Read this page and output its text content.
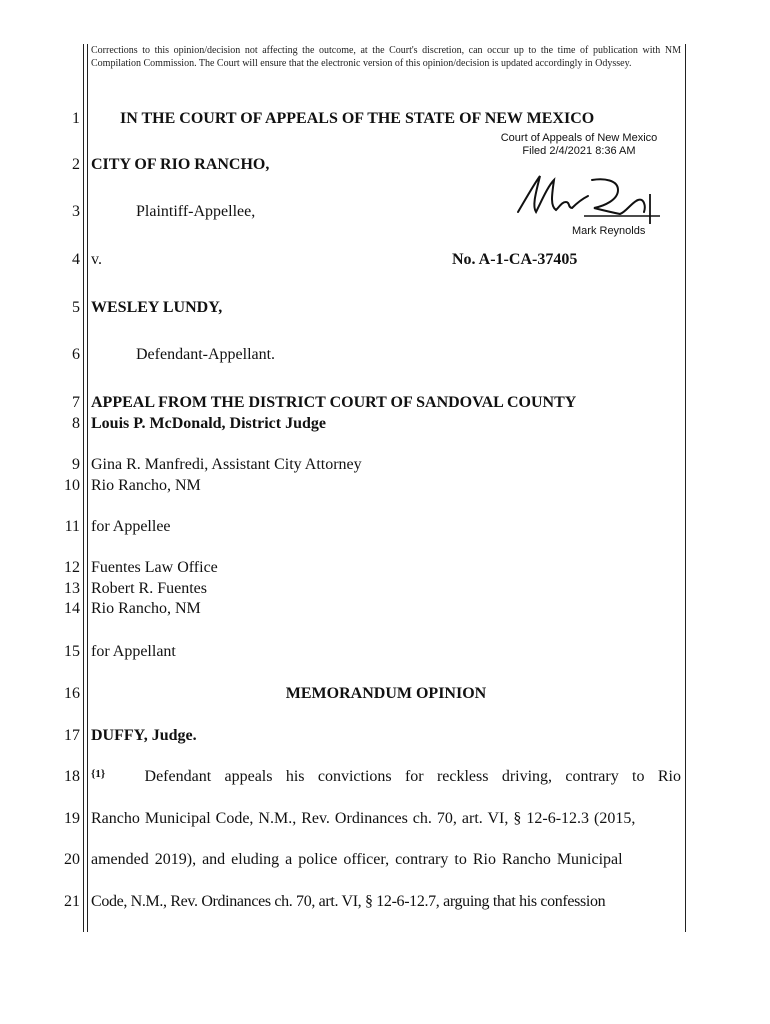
Corrections to this opinion/decision not affecting the outcome, at the Court's discretion, can occur up to the time of publication with NM Compilation Commission. The Court will ensure that the electronic version of this opinion/decision is updated accordingly in Odyssey.
1
2
3
4
5
6
7
8
9
10
11
12
13
14
15
16
17
18
19
20
21
IN THE COURT OF APPEALS OF THE STATE OF NEW MEXICO
Court of Appeals of New Mexico
Filed 2/4/2021 8:36 AM
Mark Reynolds
CITY OF RIO RANCHO,
Plaintiff-Appellee,
v.	No. A-1-CA-37405
WESLEY LUNDY,
Defendant-Appellant.
APPEAL FROM THE DISTRICT COURT OF SANDOVAL COUNTY
Louis P. McDonald, District Judge
Gina R. Manfredi, Assistant City Attorney
Rio Rancho, NM
for Appellee
Fuentes Law Office
Robert R. Fuentes
Rio Rancho, NM
for Appellant
MEMORANDUM OPINION
DUFFY, Judge.
{1} Defendant appeals his convictions for reckless driving, contrary to Rio
Rancho Municipal Code, N.M., Rev. Ordinances ch. 70, art. VI, § 12-6-12.3 (2015,
amended 2019), and eluding a police officer, contrary to Rio Rancho Municipal
Code, N.M., Rev. Ordinances ch. 70, art. VI, § 12-6-12.7, arguing that his confession
